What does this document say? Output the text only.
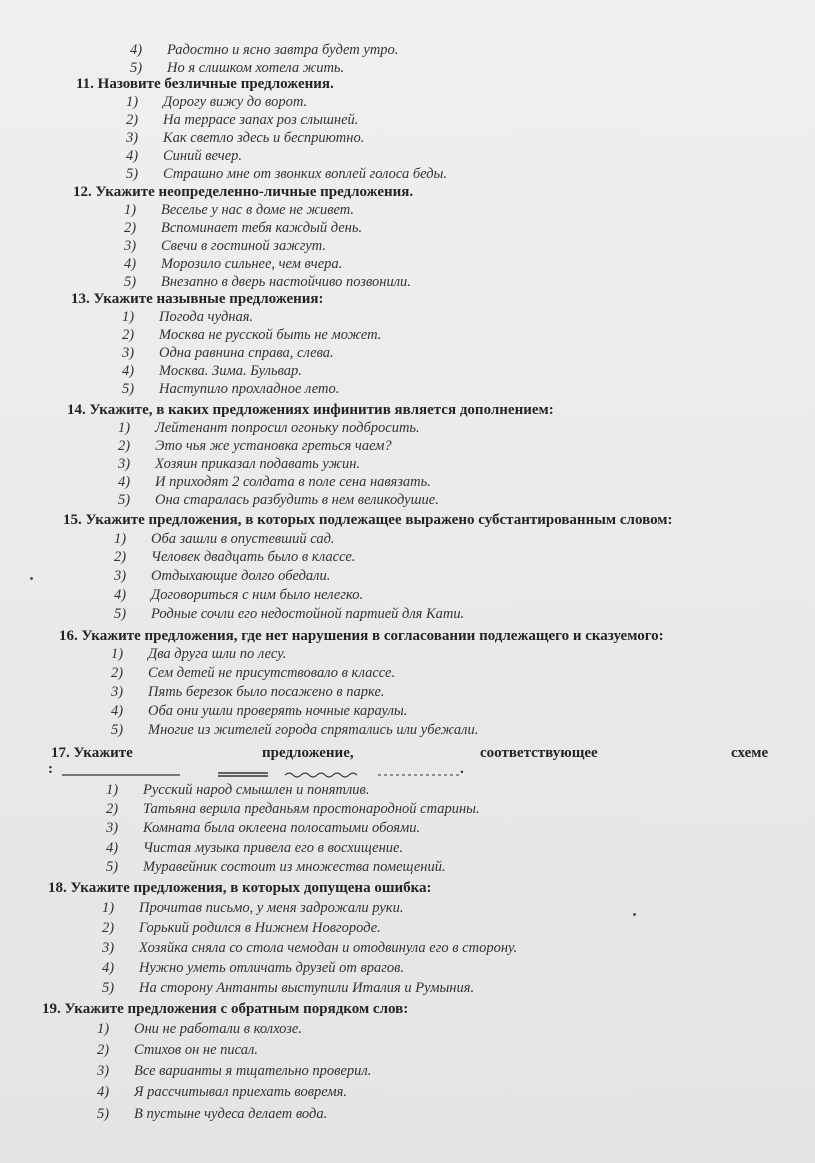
4) Радостно и ясно завтра будет утро.
5) Но я слишком хотела жить.
11. Назовите безличные предложения.
1) Дорогу вижу до ворот.
2) На террасе запах роз слышней.
3) Как светло здесь и бесприютно.
4) Синий вечер.
5) Страшно мне от звонких воплей голоса беды.
12. Укажите неопределенно-личные предложения.
1) Веселье у нас в доме не живет.
2) Вспоминает тебя каждый день.
3) Свечи в гостиной зажгут.
4) Морозило сильнее, чем вчера.
5) Внезапно в дверь настойчиво позвонили.
13. Укажите назывные предложения:
1) Погода чудная.
2) Москва не русской быть не может.
3) Одна равнина справа, слева.
4) Москва. Зима. Бульвар.
5) Наступило прохладное лето.
14. Укажите, в каких предложениях инфинитив является дополнением:
1) Лейтенант попросил огоньку подбросить.
2) Это чья же установка греться чаем?
3) Хозяин приказал подавать ужин.
4) И приходят 2 солдата в поле сена навязать.
5) Она старалась разбудить в нем великодушие.
15. Укажите предложения, в которых подлежащее выражено субстантированным словом:
1) Оба зашли в опустевший сад.
2) Человек двадцать было в классе.
3) Отдыхающие долго обедали.
4) Договориться с ним было нелегко.
5) Родные сочли его недостойной партией для Кати.
16. Укажите предложения, где нет нарушения в согласовании подлежащего и сказуемого:
1) Два друга шли по лесу.
2) Сем детей не присутствовало в классе.
3) Пять березок было посажено в парке.
4) Оба они ушли проверять ночные караулы.
5) Многие из жителей города спрятались или убежали.
17. Укажите	предложение,	соответствующее	схеме
:	.
1) Русский народ смышлен и понятлив.
2) Татьяна верила преданьям простонародной старины.
3) Комната была оклеена полосатыми обоями.
4) Чистая музыка привела его в восхищение.
5) Муравейник состоит из множества помещений.
18. Укажите предложения, в которых допущена ошибка:
1) Прочитав письмо, у меня задрожали руки.
2) Горький родился в Нижнем Новгороде.
3) Хозяйка сняла со стола чемодан и отодвинула его в сторону.
4) Нужно уметь отличать друзей от врагов.
5) На сторону Антанты выступили Италия и Румыния.
19. Укажите предложения с обратным порядком слов:
1) Они не работали в колхозе.
2) Стихов он не писал.
3) Все варианты я тщательно проверил.
4) Я рассчитывал приехать вовремя.
5) В пустыне чудеса делает вода.
